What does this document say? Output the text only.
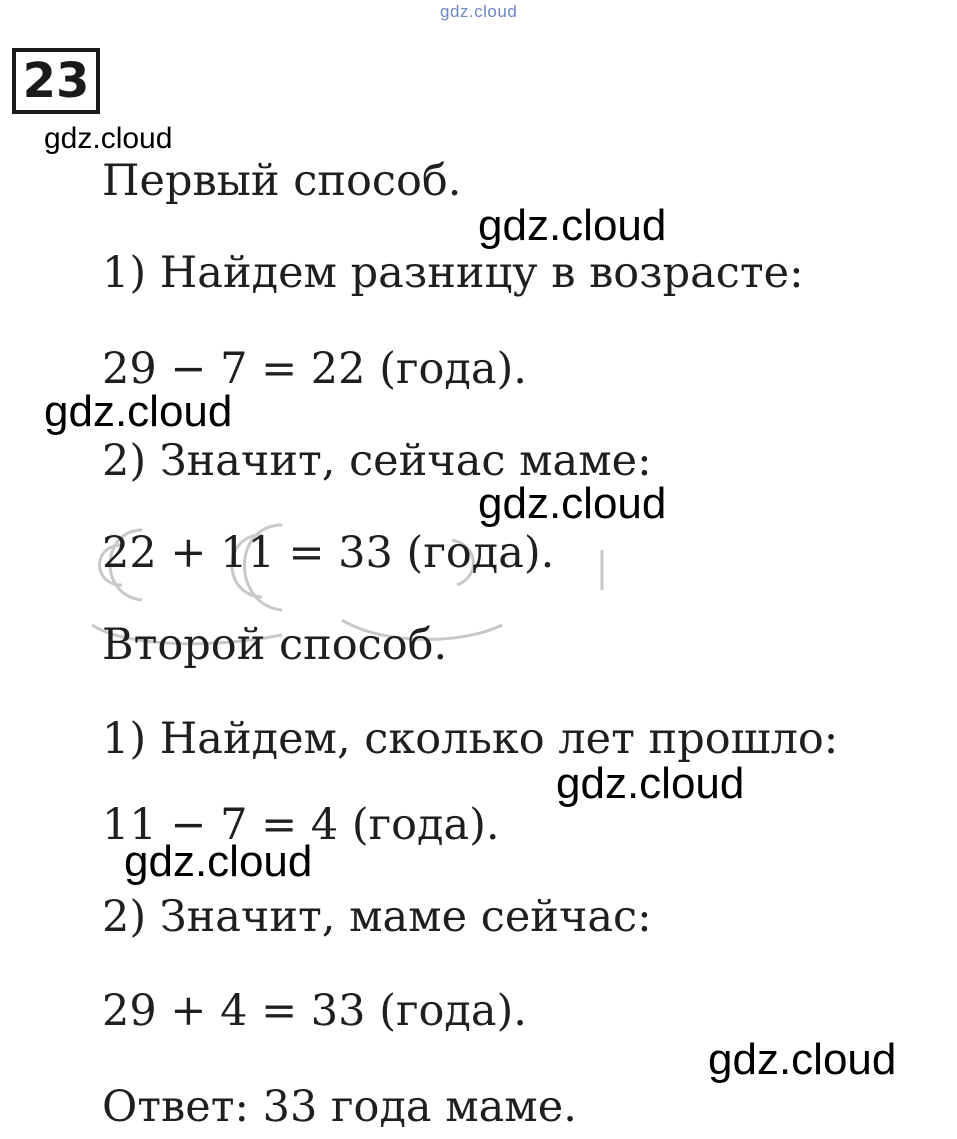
gdz.cloud
23
Первый способ.
1) Найдем разницу в возрасте:
29 − 7 = 22 (года).
2) Значит, сейчас маме:
22 + 11 = 33 (года).
Второй способ.
1) Найдем, сколько лет прошло:
11 − 7 = 4 (года).
2) Значит, маме сейчас:
29 + 4 = 33 (года).
Ответ: 33 года маме.
gdz.cloud
gdz.cloud
gdz.cloud
gdz.cloud
gdz.cloud
gdz.cloud
gdz.cloud
